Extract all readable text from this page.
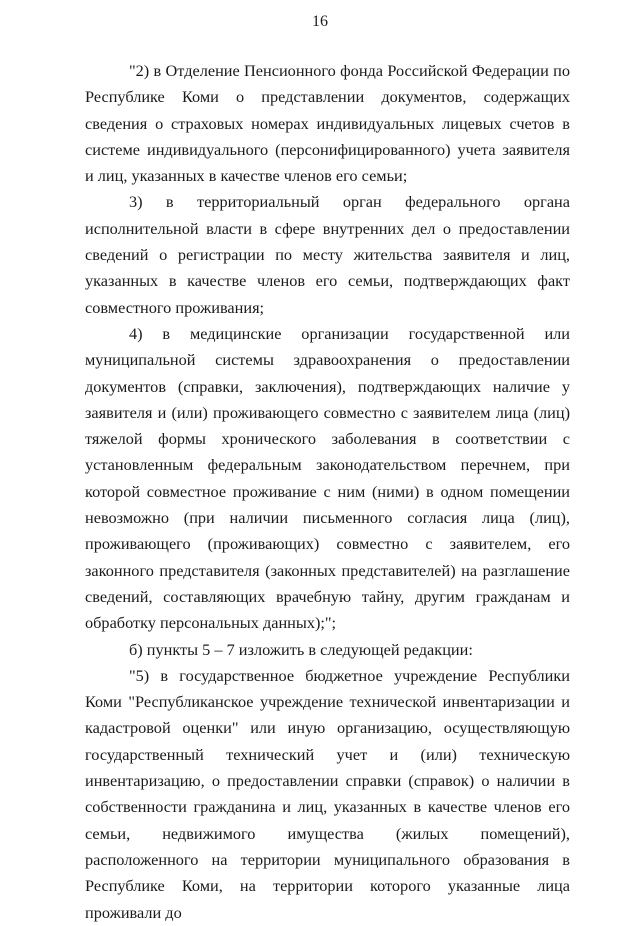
16

"2) в Отделение Пенсионного фонда Российской Федерации по Республике Коми о представлении документов, содержащих сведения о страховых номерах индивидуальных лицевых счетов в системе индивидуального (персонифицированного) учета заявителя и лиц, указанных в качестве членов его семьи;

3) в территориальный орган федерального органа исполнительной власти в сфере внутренних дел о предоставлении сведений о регистрации по месту жительства заявителя и лиц, указанных в качестве членов его семьи, подтверждающих факт совместного проживания;

4) в медицинские организации государственной или муниципальной системы здравоохранения о предоставлении документов (справки, заключения), подтверждающих наличие у заявителя и (или) проживающего совместно с заявителем лица (лиц) тяжелой формы хронического заболевания в соответствии с установленным федеральным законодательством перечнем, при которой совместное проживание с ним (ними) в одном помещении невозможно (при наличии письменного согласия лица (лиц), проживающего (проживающих) совместно с заявителем, его законного представителя (законных представителей) на разглашение сведений, составляющих врачебную тайну, другим гражданам и обработку персональных данных);";

б) пункты 5 – 7 изложить в следующей редакции:

"5) в государственное бюджетное учреждение Республики Коми "Республиканское учреждение технической инвентаризации и кадастровой оценки" или иную организацию, осуществляющую государственный технический учет и (или) техническую инвентаризацию, о предоставлении справки (справок) о наличии в собственности гражданина и лиц, указанных в качестве членов его семьи, недвижимого имущества (жилых помещений), расположенного на территории муниципального образования в Республике Коми, на территории которого указанные лица проживали до
